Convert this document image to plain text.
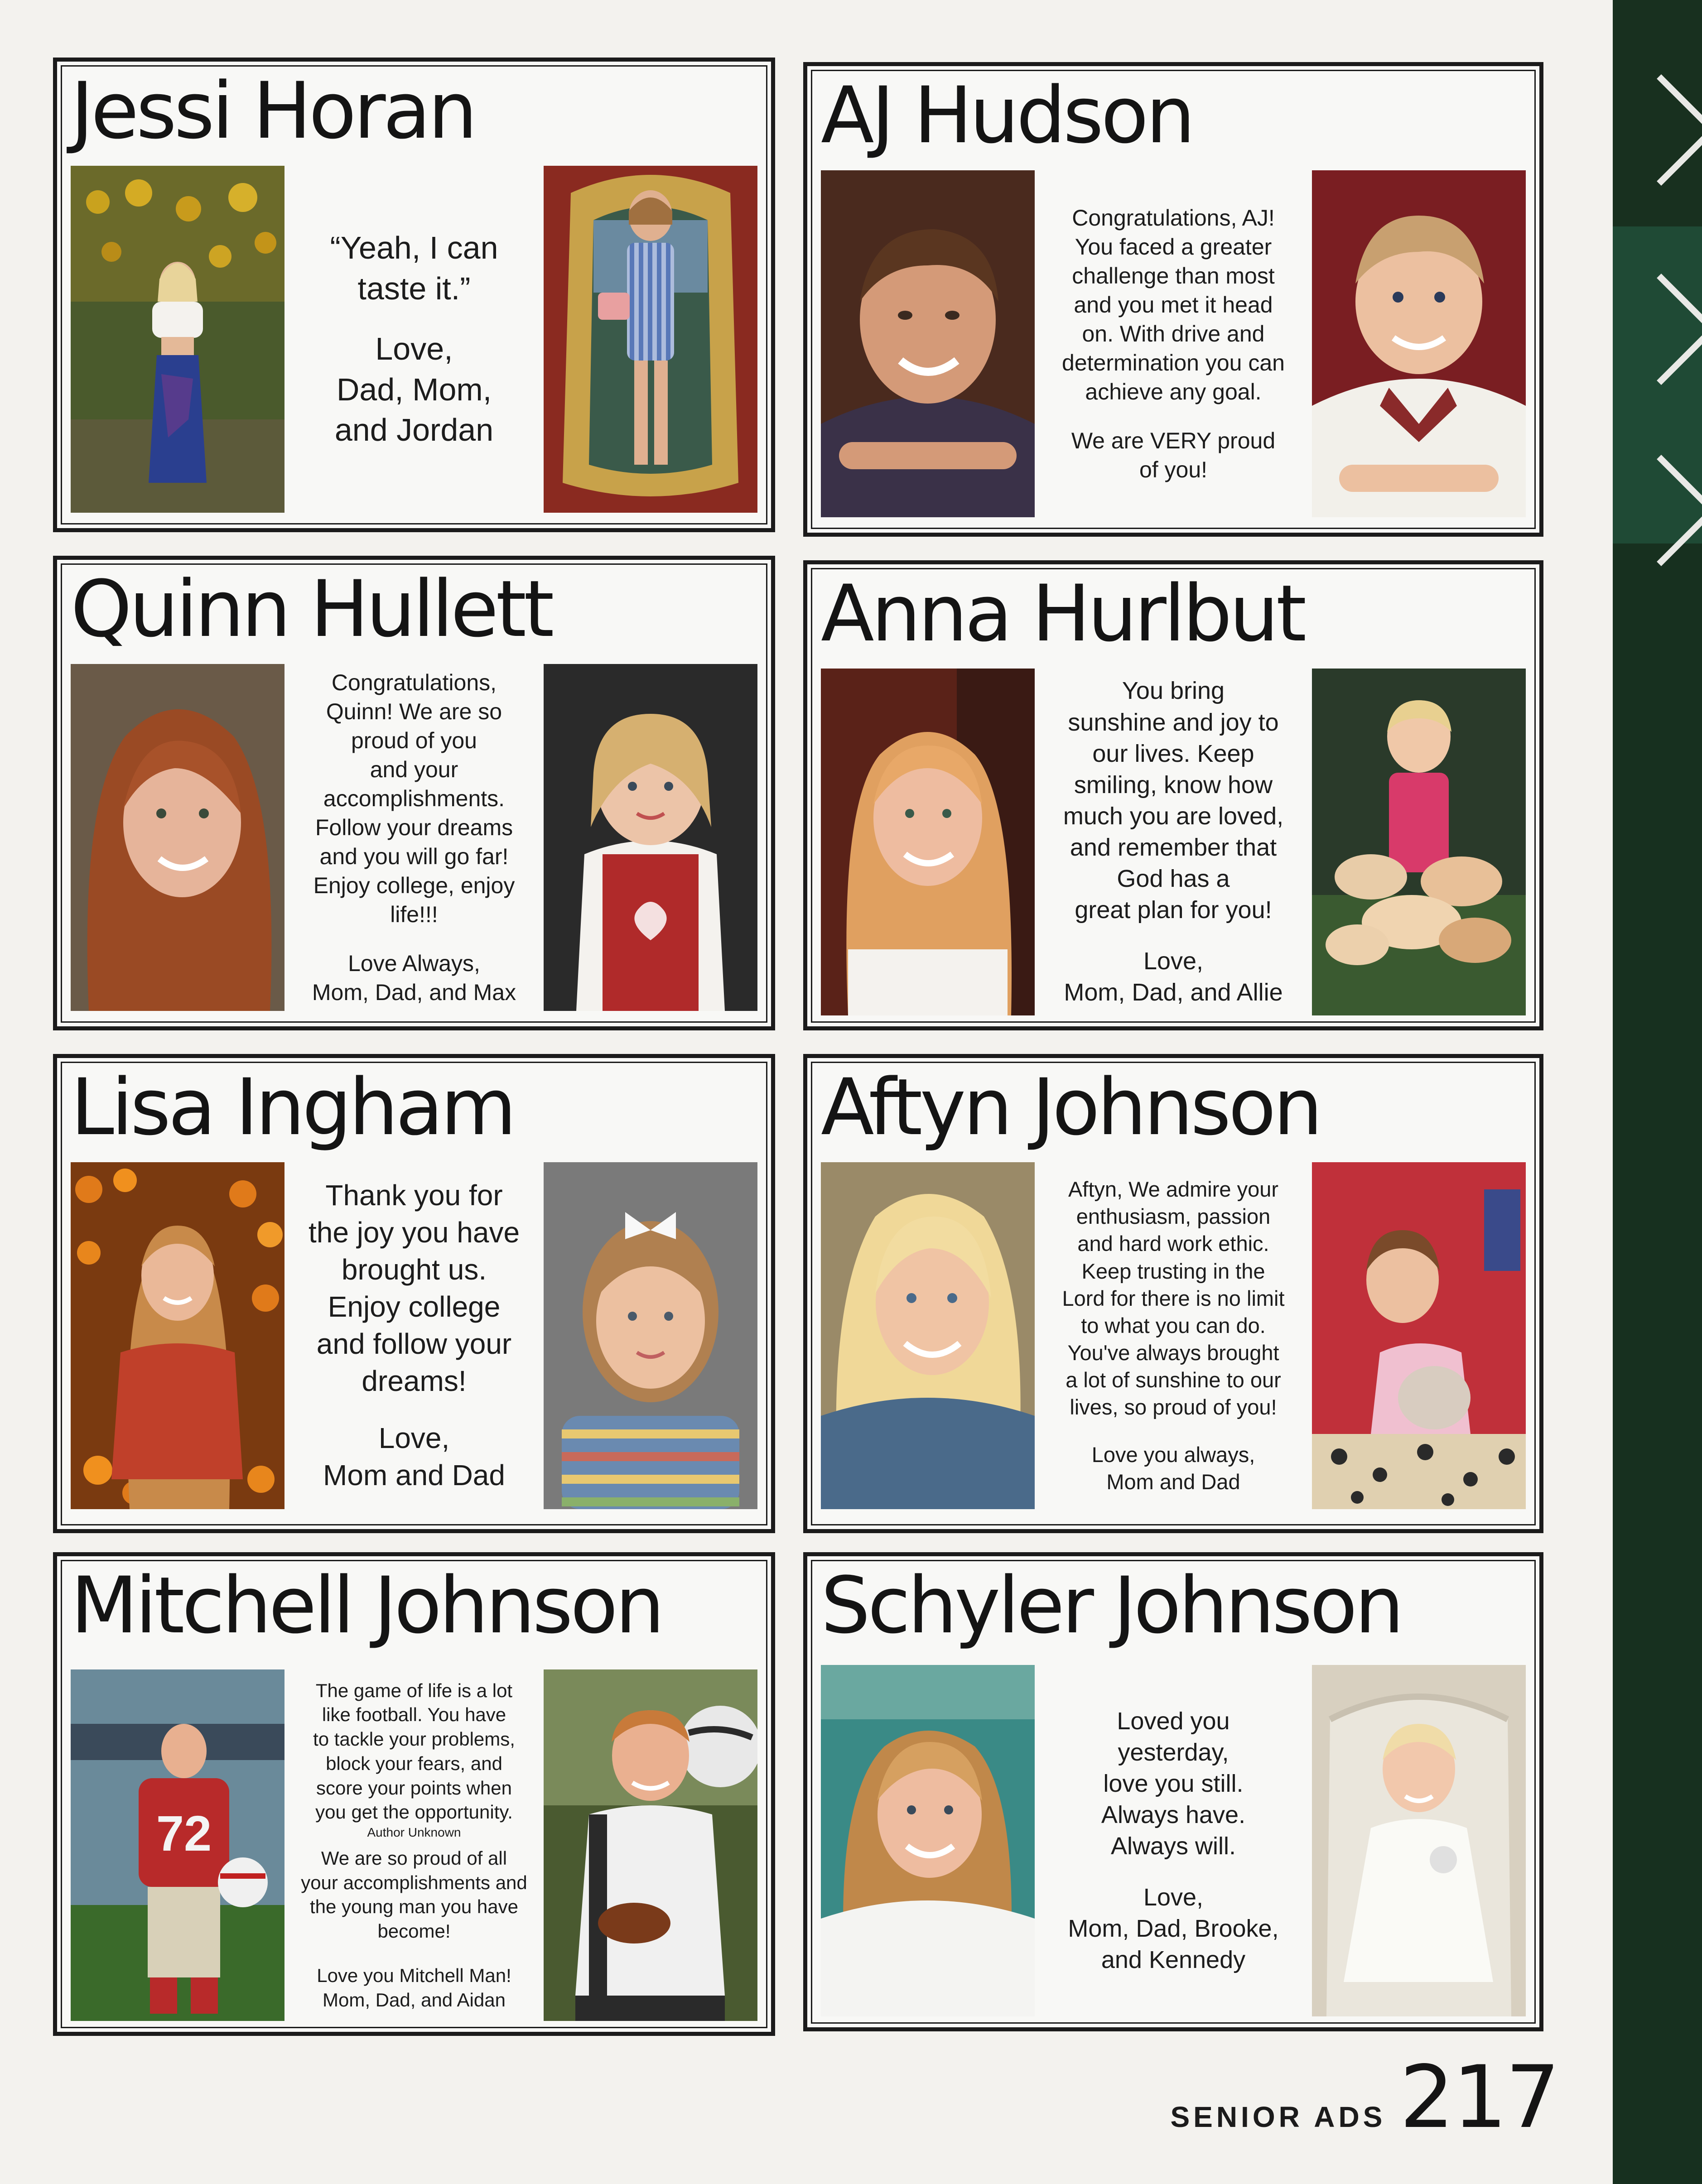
Jessi Horan

“Yeah, I can
taste it.”

Love,
Dad, Mom,
and Jordan

AJ Hudson

Congratulations, AJ!
You faced a greater
challenge than most
and you met it head
on. With drive and
determination you can
achieve any goal.

We are VERY proud
of you!

Quinn Hullett

Congratulations,
Quinn! We are so
proud of you
and your
accomplishments.
Follow your dreams
and you will go far!
Enjoy college, enjoy
life!!!

Love Always,
Mom, Dad, and Max

Anna Hurlbut

You bring
sunshine and joy to
our lives. Keep
smiling, know how
much you are loved,
and remember that
God has a
great plan for you!

Love,
Mom, Dad, and Allie

Lisa Ingham

Thank you for
the joy you have
brought us.
Enjoy college
and follow your
dreams!

Love,
Mom and Dad

Aftyn Johnson

Aftyn, We admire your
enthusiasm, passion
and hard work ethic.
Keep trusting in the
Lord for there is no limit
to what you can do.
You've always brought
a lot of sunshine to our
lives, so proud of you!

Love you always,
Mom and Dad

Mitchell Johnson
72

The game of life is a lot
like football. You have
to tackle your problems,
block your fears, and
score your points when
you get the opportunity.

Author Unknown

We are so proud of all
your accomplishments and
the young man you have
become!

Love you Mitchell Man!
Mom, Dad, and Aidan

Schyler Johnson

Loved you
yesterday,
love you still.
Always have.
Always will.

Love,
Mom, Dad, Brooke,
and Kennedy

SENIOR ADS 217
